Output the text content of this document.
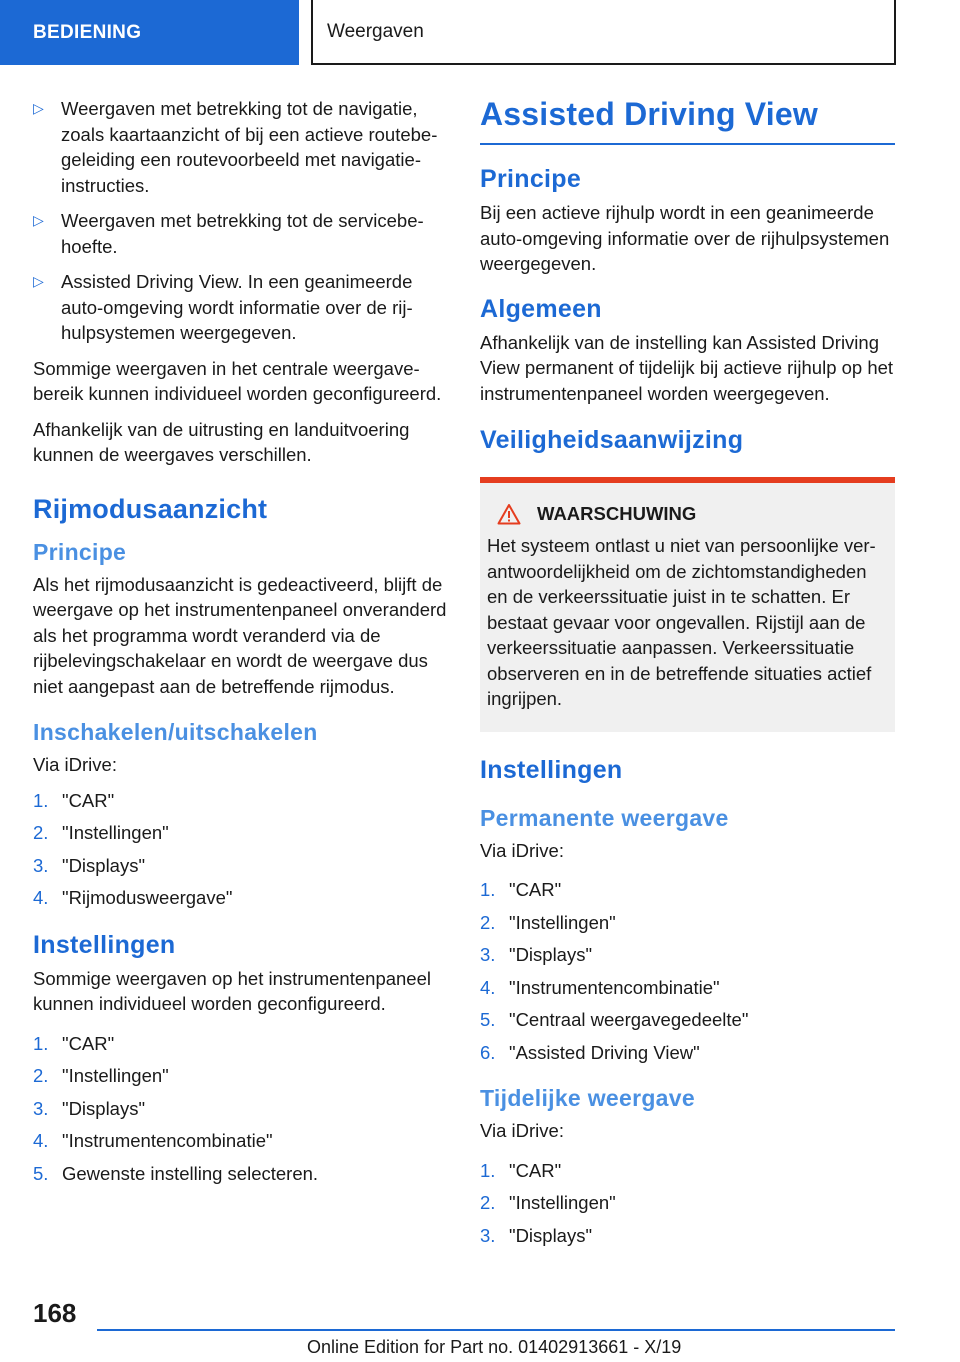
BEDIENING	Weergaven
▷ Weergaven met betrekking tot de navigatie, zoals kaartaanzicht of bij een actieve routebegeleiding een routevoorbeeld met navigatieinstructies.
▷ Weergaven met betrekking tot de servicebehoefte.
▷ Assisted Driving View. In een geanimeerde auto-omgeving wordt informatie over de rijhulpsystemen weergegeven.

Sommige weergaven in het centrale weergavebereik kunnen individueel worden geconfigureerd.

Afhankelijk van de uitrusting en landuitvoering kunnen de weergaves verschillen.

Rijmodusaanzicht
Principe

Als het rijmodusaanzicht is gedeactiveerd, blijft de weergave op het instrumentenpaneel onveranderd als het programma wordt veranderd via de rijbelevingschakelaar en wordt de weergave dus niet aangepast aan de betreffende rijmodus.

Inschakelen/uitschakelen

Via iDrive:

1. "CAR"
2. "Instellingen"
3. "Displays"
4. "Rijmodusweergave"
Instellingen

Sommige weergaven op het instrumentenpaneel kunnen individueel worden geconfigureerd.

1. "CAR"
2. "Instellingen"
3. "Displays"
4. "Instrumentencombinatie"
5. Gewenste instelling selecteren.
Assisted Driving View
Principe

Bij een actieve rijhulp wordt in een geanimeerde auto-omgeving informatie over de rijhulpsystemen weergegeven.

Algemeen

Afhankelijk van de instelling kan Assisted Driving View permanent of tijdelijk bij actieve rijhulp op het instrumentenpaneel worden weergegeven.

Veiligheidsaanwijzing
WAARSCHUWING

Het systeem ontlast u niet van persoonlijke verantwoordelijkheid om de zichtomstandigheden en de verkeerssituatie juist in te schatten. Er bestaat gevaar voor ongevallen. Rijstijl aan de verkeerssituatie aanpassen. Verkeerssituatie observeren en in de betreffende situaties actief ingrijpen.

Instellingen
Permanente weergave

Via iDrive:

1. "CAR"
2. "Instellingen"
3. "Displays"
4. "Instrumentencombinatie"
5. "Centraal weergavegedeelte"
6. "Assisted Driving View"
Tijdelijke weergave

Via iDrive:

1. "CAR"
2. "Instellingen"
3. "Displays"
168
Online Edition for Part no. 01402913661 - X/19
